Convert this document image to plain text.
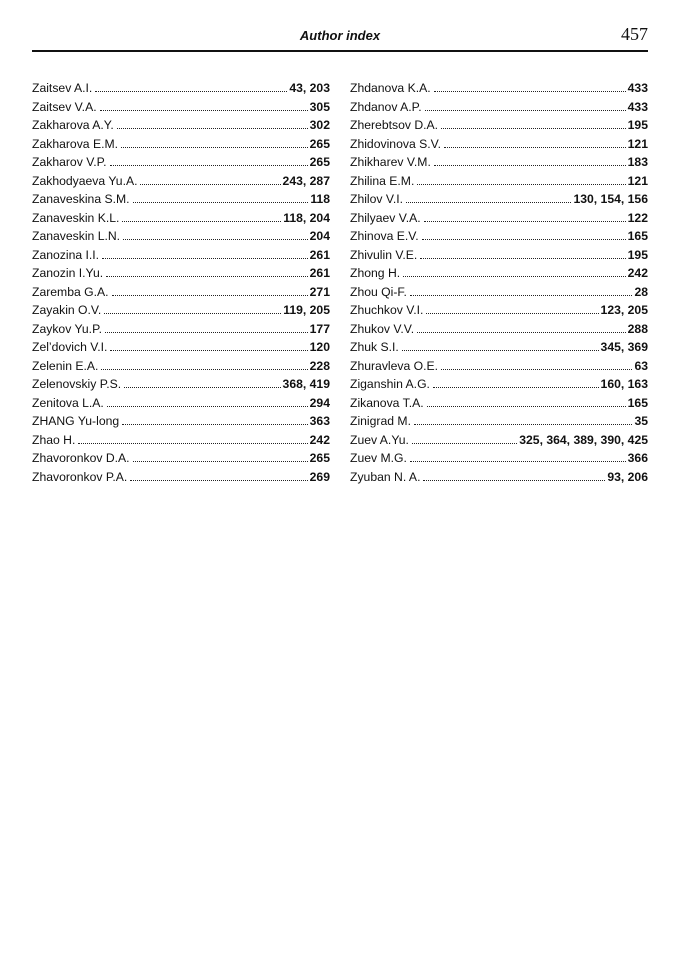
Author index	457
Zaitsev A.I.	43, 203
Zaitsev V.A.	305
Zakharova A.Y.	302
Zakharova E.M.	265
Zakharov V.P.	265
Zakhodyaeva Yu.A.	243, 287
Zanaveskina S.M.	118
Zanaveskin K.L.	118, 204
Zanaveskin L.N.	204
Zanozina I.I.	261
Zanozin I.Yu.	261
Zaremba G.A.	271
Zayakin O.V.	119, 205
Zaykov Yu.P.	177
Zel’dovich V.I.	120
Zelenin E.A.	228
Zelenovskiy P.S.	368, 419
Zenitova L.A.	294
ZHANG Yu-long	363
Zhao H.	242
Zhavoronkov D.A.	265
Zhavoronkov P.A.	269
Zhdanova K.A.	433
Zhdanov A.P.	433
Zherebtsov D.A.	195
Zhidovinova S.V.	121
Zhikharev V.M.	183
Zhilina E.M.	121
Zhilov V.I.	130, 154, 156
Zhilyaev V.A.	122
Zhinova E.V.	165
Zhivulin V.E.	195
Zhong H.	242
Zhou Qi-F.	28
Zhuchkov V.I.	123, 205
Zhukov V.V.	288
Zhuk S.I.	345, 369
Zhuravleva O.E.	63
Ziganshin A.G.	160, 163
Zikanova T.A.	165
Zinigrad M.	35
Zuev A.Yu.	325, 364, 389, 390, 425
Zuev M.G.	366
Zyuban N. A.	93, 206
